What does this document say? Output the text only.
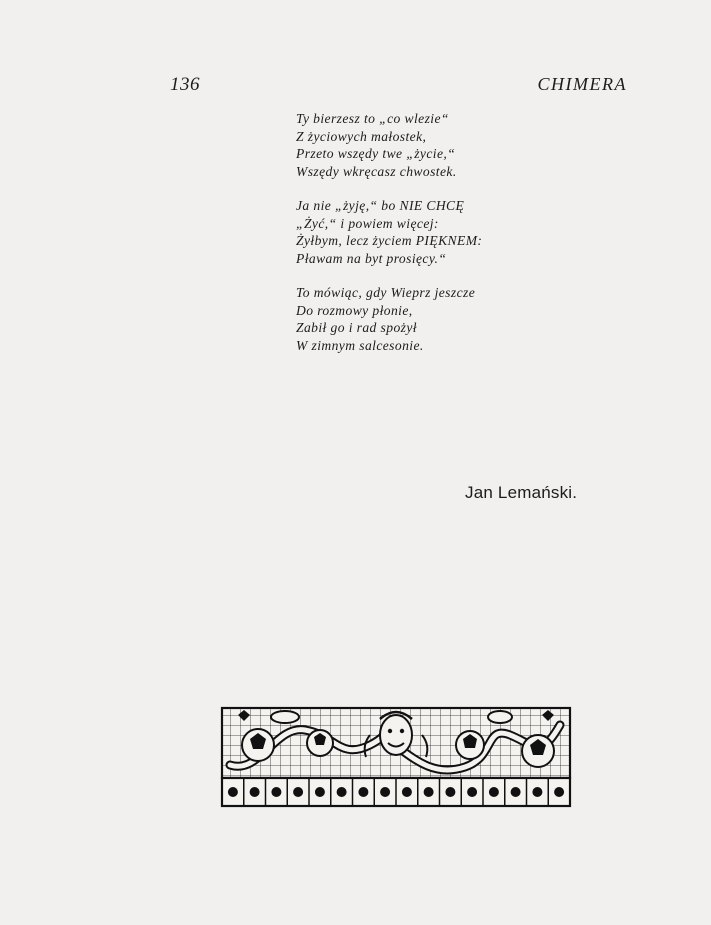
136	CHIMERA
Ty bierzesz to „co wlezie“
Z życiowych małostek,
Przeto wszędy twe „życie,“
Wszędy wkręcasz chwostek.
Ja nie „żyję,“ bo NIE CHCĘ
„Żyć,“ i powiem więcej:
Żyłbym, lecz życiem PIĘKNEM:
Pławam na byt prosięcy.“
To mówiąc, gdy Wieprz jeszcze
Do rozmowy płonie,
Zabił go i rad spożył
W zimnym salcesonie.
Jan Lemański.
